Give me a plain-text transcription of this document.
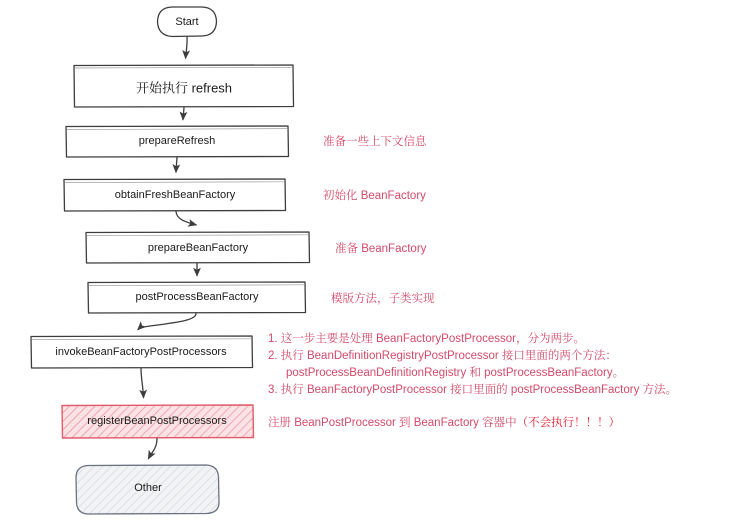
Start
开始执行 refresh
prepareRefresh
obtainFreshBeanFactory
prepareBeanFactory
postProcessBeanFactory
invokeBeanFactoryPostProcessors
registerBeanPostProcessors
Other
准备一些上下文信息
初始化 BeanFactory
准备 BeanFactory
模版方法，子类实现
1. 这一步主要是处理 BeanFactoryPostProcessor，分为两步。
2. 执行 BeanDefinitionRegistryPostProcessor 接口里面的两个方法：
postProcessBeanDefinitionRegistry 和 postProcessBeanFactory。
3. 执行 BeanFactoryPostProcessor 接口里面的 postProcessBeanFactory 方法。
注册 BeanPostProcessor 到 BeanFactory 容器中（不会执行！！！）
